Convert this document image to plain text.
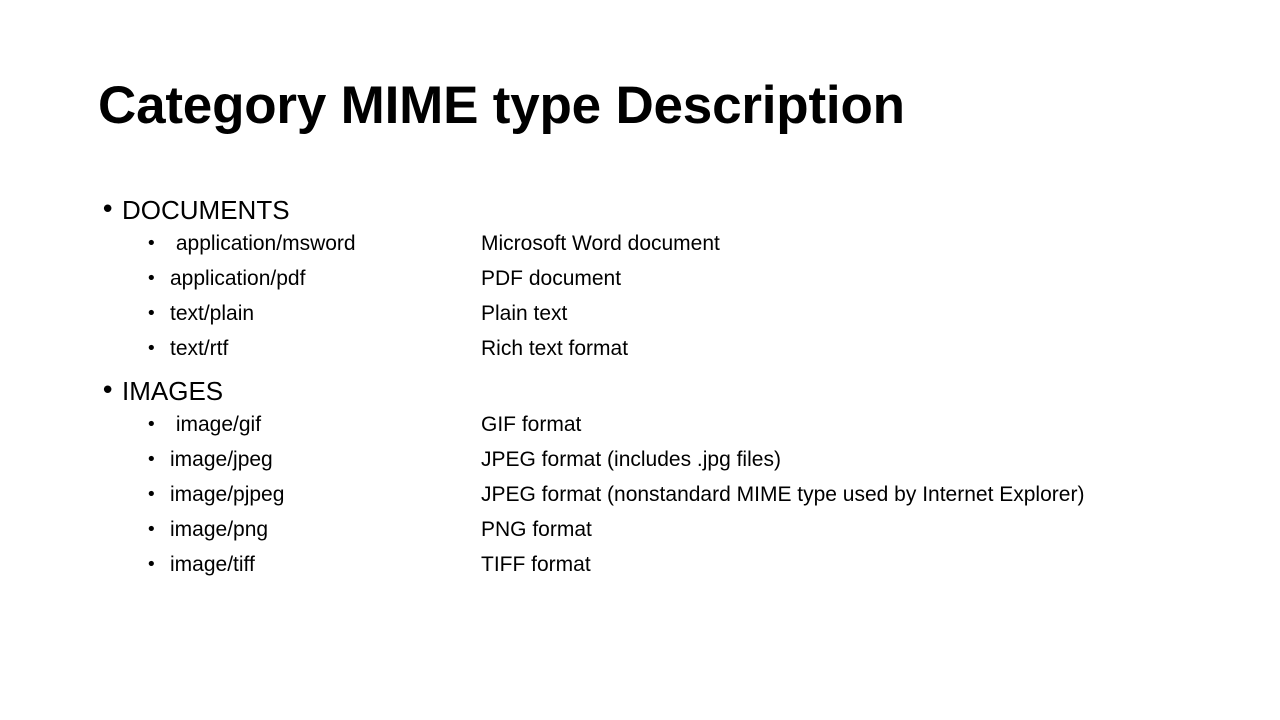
Category MIME type Description
• DOCUMENTS
• application/msword	Microsoft Word document
• application/pdf	PDF document
• text/plain	Plain text
• text/rtf	Rich text format
• IMAGES
• image/gif	GIF format
• image/jpeg	JPEG format (includes .jpg files)
• image/pjpeg	JPEG format (nonstandard MIME type used by Internet Explorer)
• image/png	PNG format
• image/tiff	TIFF format
